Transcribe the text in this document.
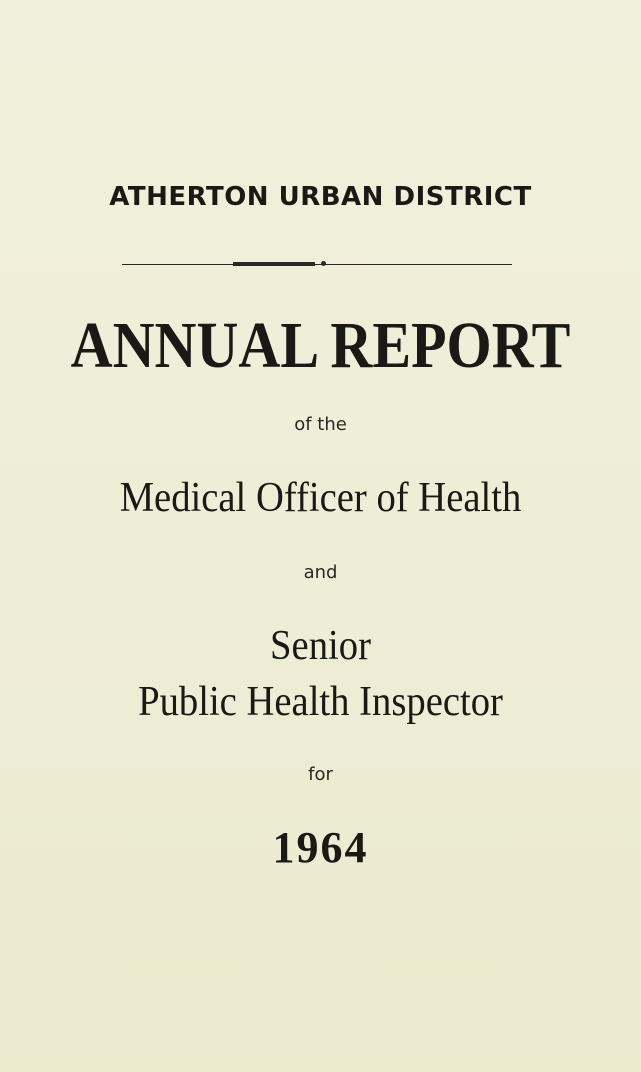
ATHERTON URBAN DISTRICT
ANNUAL REPORT
of the
Medical Officer of Health
and
Senior
Public Health Inspector
for
1964
